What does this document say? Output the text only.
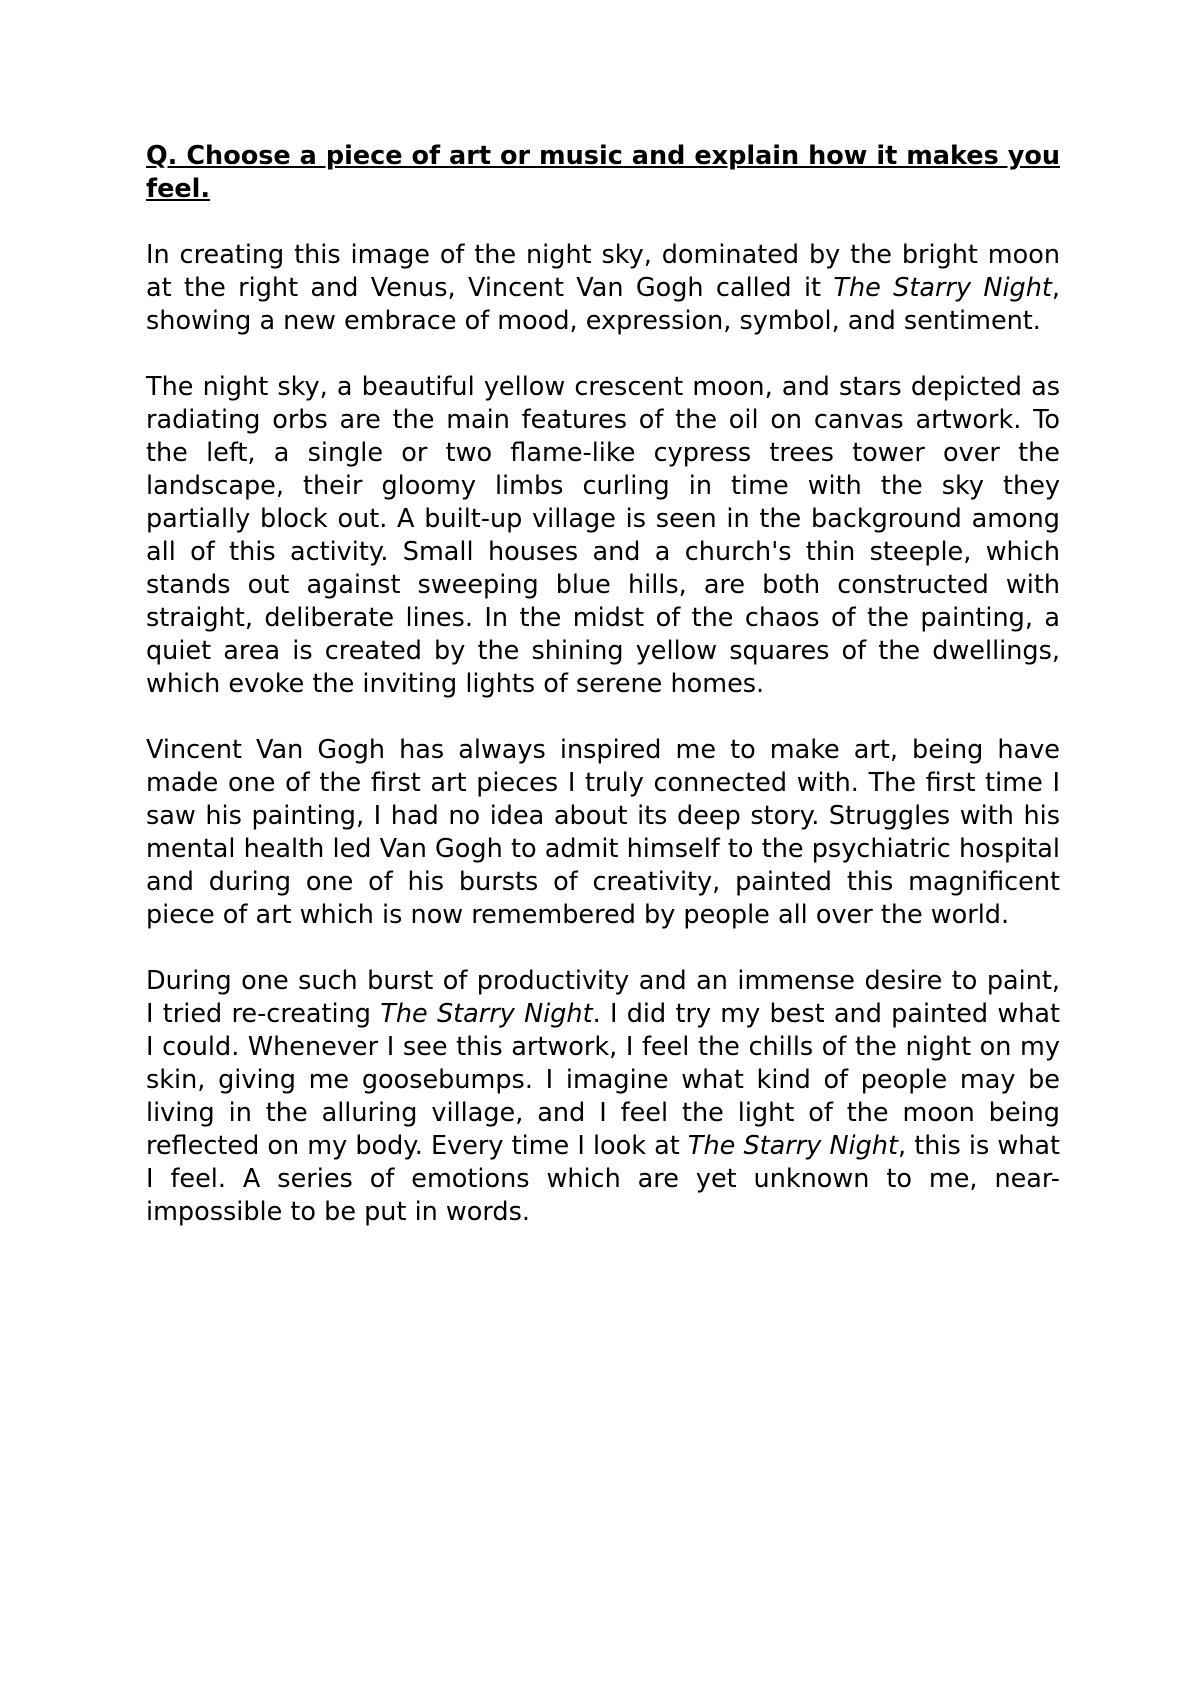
Q. Choose a piece of art or music and explain how it makes you feel.

In creating this image of the night sky, dominated by the bright moon at the right and Venus, Vincent Van Gogh called it The Starry Night, showing a new embrace of mood, expression, symbol, and sentiment.

The night sky, a beautiful yellow crescent moon, and stars depicted as radiating orbs are the main features of the oil on canvas artwork. To the left, a single or two flame-like cypress trees tower over the landscape, their gloomy limbs curling in time with the sky they partially block out. A built-up village is seen in the background among all of this activity. Small houses and a church's thin steeple, which stands out against sweeping blue hills, are both constructed with straight, deliberate lines. In the midst of the chaos of the painting, a quiet area is created by the shining yellow squares of the dwellings, which evoke the inviting lights of serene homes.

Vincent Van Gogh has always inspired me to make art, being have made one of the first art pieces I truly connected with. The first time I saw his painting, I had no idea about its deep story. Struggles with his mental health led Van Gogh to admit himself to the psychiatric hospital and during one of his bursts of creativity, painted this magnificent piece of art which is now remembered by people all over the world.

During one such burst of productivity and an immense desire to paint, I tried re-creating The Starry Night. I did try my best and painted what I could. Whenever I see this artwork, I feel the chills of the night on my skin, giving me goosebumps. I imagine what kind of people may be living in the alluring village, and I feel the light of the moon being reflected on my body. Every time I look at The Starry Night, this is what I feel. A series of emotions which are yet unknown to me, near-impossible to be put in words.
